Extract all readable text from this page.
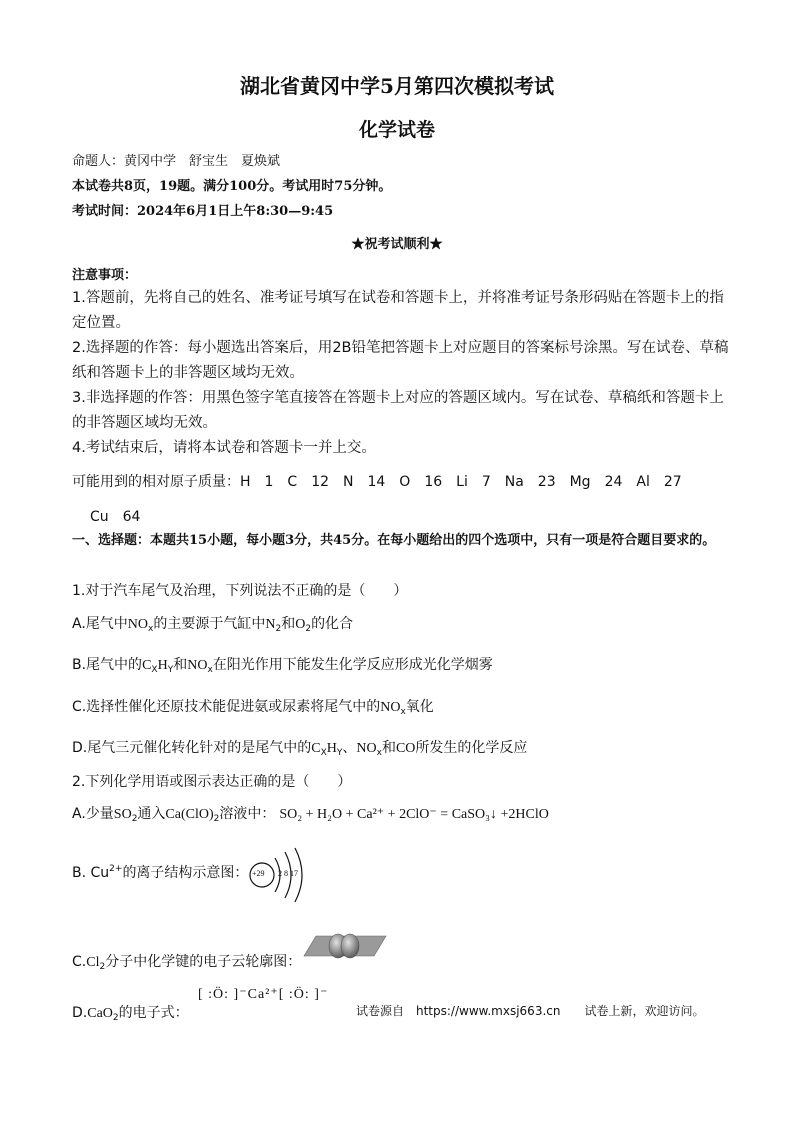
湖北省黄冈中学5月第四次模拟考试
化学试卷
命题人：黄冈中学　舒宝生　夏焕斌
本试卷共8页，19题。满分100分。考试用时75分钟。
考试时间：2024年6月1日上午8:30—9:45
★祝考试顺利★
注意事项：
1.答题前，先将自己的姓名、准考证号填写在试卷和答题卡上，并将准考证号条形码贴在答题卡上的指定位置。
2.选择题的作答：每小题选出答案后，用2B铅笔把答题卡上对应题目的答案标号涂黑。写在试卷、草稿纸和答题卡上的非答题区域均无效。
3.非选择题的作答：用黑色签字笔直接答在答题卡上对应的答题区域内。写在试卷、草稿纸和答题卡上的非答题区域均无效。
4.考试结束后，请将本试卷和答题卡一并上交。
可能用到的相对原子质量：H　1　C　12　N　14　O　16　Li　7　Na　23　Mg　24　Al　27
Cu　64
一、选择题：本题共15小题，每小题3分，共45分。在每小题给出的四个选项中，只有一项是符合题目要求的。
1.对于汽车尾气及治理，下列说法不正确的是（　　）
A.尾气中$NO_x$的主要源于气缸中$N_2$和$O_2$的化合
B.尾气中的$C_XH_Y$和$NO_x$在阳光作用下能发生化学反应形成光化学烟雾
C.选择性催化还原技术能促进氨或尿素将尾气中的$NO_x$氧化
D.尾气三元催化转化针对的是尾气中的$C_XH_Y$、$NO_x$和CO所发生的化学反应
2.下列化学用语或图示表达正确的是（　　）
A.少量$SO_2$通入$Ca(ClO)_2$溶液中： SO₂ + H₂O + Ca²⁺ + 2ClO⁻ = CaSO₃↓ +2HClO
B. $Cu^{2+}$的离子结构示意图： +29 2 8 17
$C.Cl_2$分子中化学键的电子云轮廓图：
D.CaO$_2$的电子式：
[ :Ö: ]⁻Ca²⁺[ :Ö: ]⁻
试卷源自　https://www.mxsj663.cn　　试卷上新，欢迎访问。
